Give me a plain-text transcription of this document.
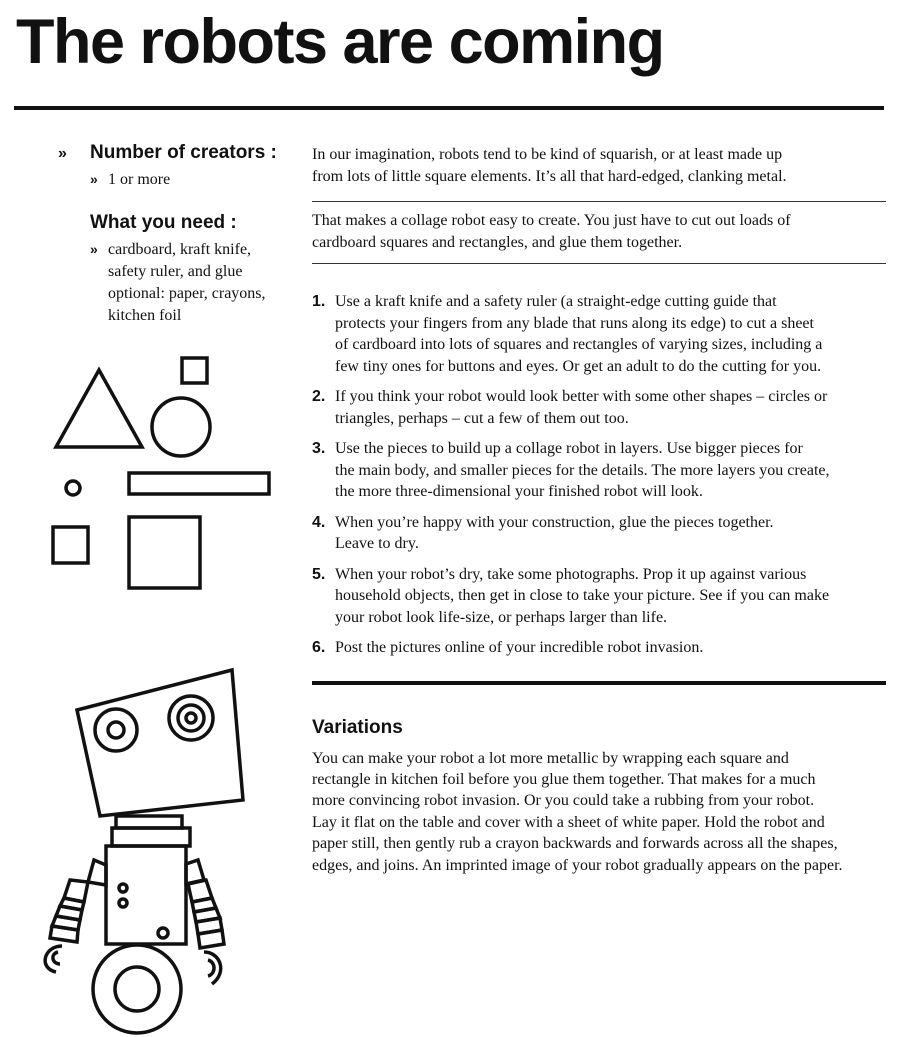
The robots are coming
»	Number of creators :
» 1 or more
What you need :
» cardboard, kraft knife,
safety ruler, and glue
optional: paper, crayons,
kitchen foil

In our imagination, robots tend to be kind of squarish, or at least made up
from lots of little square elements. It’s all that hard-edged, clanking metal.

That makes a collage robot easy to create. You just have to cut out loads of
cardboard squares and rectangles, and glue them together.

1. Use a kraft knife and a safety ruler (a straight-edge cutting guide that
protects your fingers from any blade that runs along its edge) to cut a sheet
of cardboard into lots of squares and rectangles of varying sizes, including a
few tiny ones for buttons and eyes. Or get an adult to do the cutting for you.
2. If you think your robot would look better with some other shapes – circles or
triangles, perhaps – cut a few of them out too.
3. Use the pieces to build up a collage robot in layers. Use bigger pieces for
the main body, and smaller pieces for the details. The more layers you create,
the more three-dimensional your finished robot will look.
4. When you’re happy with your construction, glue the pieces together.
Leave to dry.
5. When your robot’s dry, take some photographs. Prop it up against various
household objects, then get in close to take your picture. See if you can make
your robot look life-size, or perhaps larger than life.
6. Post the pictures online of your incredible robot invasion.
Variations

You can make your robot a lot more metallic by wrapping each square and
rectangle in kitchen foil before you glue them together. That makes for a much
more convincing robot invasion. Or you could take a rubbing from your robot.
Lay it flat on the table and cover with a sheet of white paper. Hold the robot and
paper still, then gently rub a crayon backwards and forwards across all the shapes,
edges, and joins. An imprinted image of your robot gradually appears on the paper.
